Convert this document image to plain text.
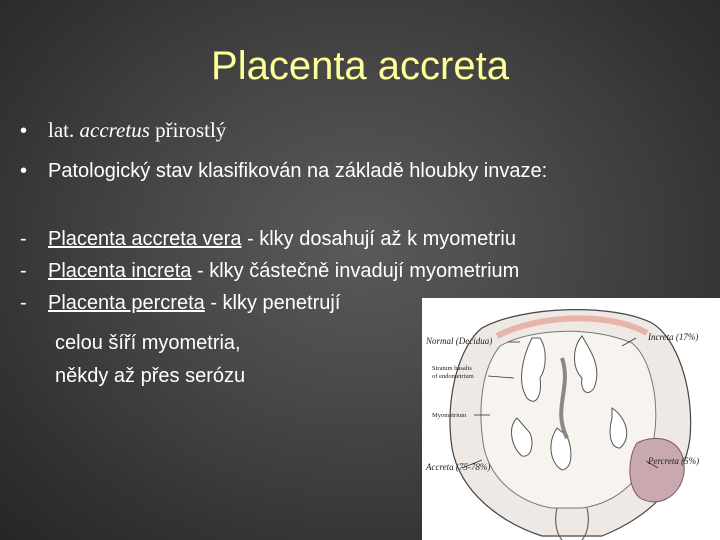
Placenta accreta
• lat. accretus přirostlý
•	Patologický stav klasifikován na základě hloubky invaze:
-	Placenta accreta vera - klky dosahují až k myometriu
-	Placenta increta - klky částečně invadují myometrium
-	Placenta percreta - klky penetrují
celou šíří myometria,
někdy až přes serózu
Normal (Decidua)	Increta (17%)
Stratum basalis
of endometrium
Myometrium
Accreta (75-78%)
Percreta (5%)
